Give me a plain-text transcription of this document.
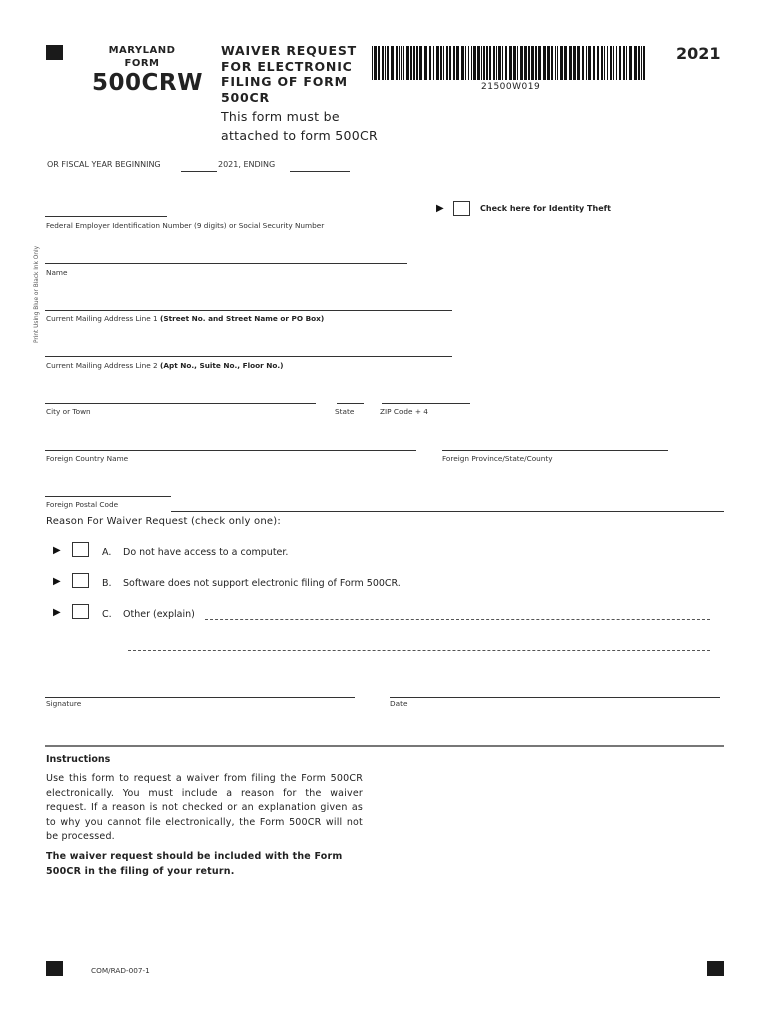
MARYLAND
FORM
500CRW
WAIVER REQUEST
FOR ELECTRONIC
FILING OF FORM
500CR
This form must be
attached to form 500CR
21500W019
2021
OR FISCAL YEAR BEGINNING	2021, ENDING
▶	Check here for Identity Theft
Print Using Blue or Black Ink Only
Federal Employer Identification Number (9 digits) or Social Security Number
Name
Current Mailing Address Line 1 (Street No. and Street Name or PO Box)
Current Mailing Address Line 2 (Apt No., Suite No., Floor No.)
City or Town	State	ZIP Code + 4
Foreign Country Name	Foreign Province/State/County
Foreign Postal Code
Reason For Waiver Request (check only one):
▶	A. Do not have access to a computer.
▶	B. Software does not support electronic filing of Form 500CR.
▶	C. Other (explain)
Signature	Date
Instructions
Use this form to request a waiver from filing the Form 500CR electronically. You must include a reason for the waiver request. If a reason is not checked or an explanation given as to why you cannot file electronically, the Form 500CR will not be processed.
The waiver request should be included with the Form 500CR in the filing of your return.
COM/RAD-007-1
